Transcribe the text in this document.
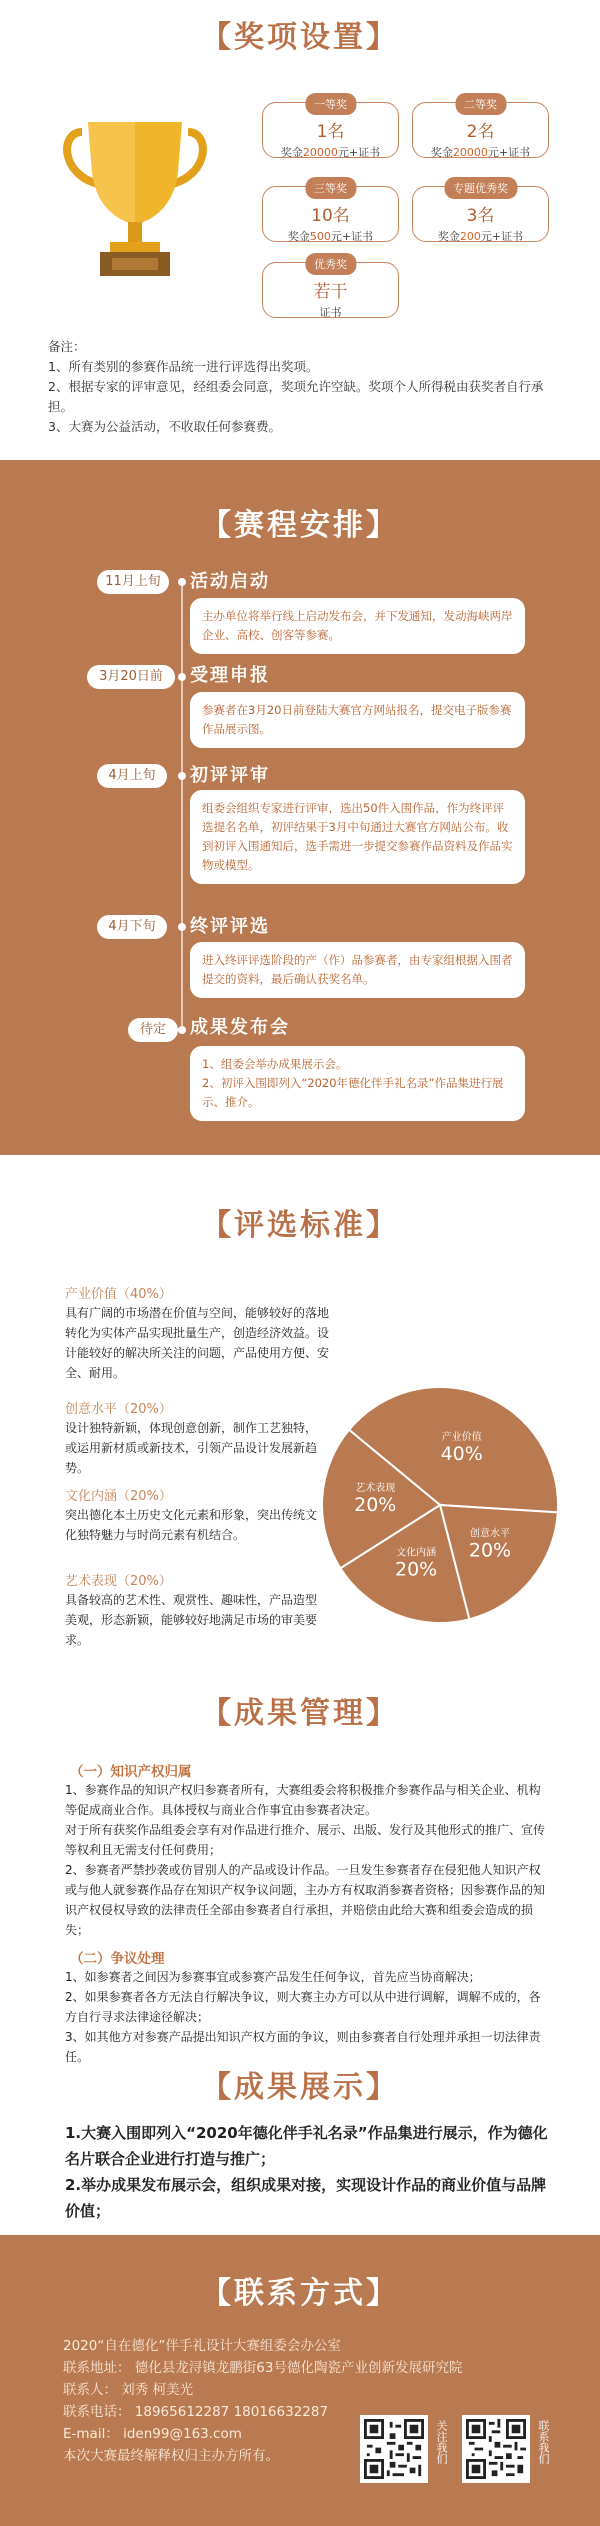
【奖项设置】
一等奖
1名
奖金20000元+证书
二等奖
2名
奖金20000元+证书
三等奖
10名
奖金500元+证书
专题优秀奖
3名
奖金200元+证书
优秀奖
若干
证书
备注：
1、所有类别的参赛作品统一进行评选得出奖项。
2、根据专家的评审意见，经组委会同意，奖项允许空缺。奖项个人所得税由获奖者自行承担。
3、大赛为公益活动，不收取任何参赛费。
【赛程安排】
11月上旬	活动启动
主办单位将举行线上启动发布会，并下发通知，发动海峡两岸企业、高校、创客等参赛。
3月20日前	受理申报
参赛者在3月20日前登陆大赛官方网站报名，提交电子版参赛作品展示图。
4月上旬	初评评审
组委会组织专家进行评审，选出50件入围作品，作为终评评选提名名单，初评结果于3月中旬通过大赛官方网站公布。收到初评入围通知后，选手需进一步提交参赛作品资料及作品实物或模型。
4月下旬	终评评选
进入终评评选阶段的产（作）品参赛者，由专家组根据入围者提交的资料，最后确认获奖名单。
待定	成果发布会
1、组委会举办成果展示会。
2、初评入围即列入“2020年德化伴手礼名录”作品集进行展示、推介。
【评选标准】
产业价值（40%）
具有广阔的市场潜在价值与空间，能够较好的落地转化为实体产品实现批量生产，创造经济效益。设计能较好的解决所关注的问题，产品使用方便、安全、耐用。
创意水平（20%）
设计独特新颖，体现创意创新，制作工艺独特，或运用新材质或新技术，引领产品设计发展新趋势。
文化内涵（20%）
突出德化本土历史文化元素和形象，突出传统文化独特魅力与时尚元素有机结合。
艺术表现（20%）
具备较高的艺术性、观赏性、趣味性，产品造型美观，形态新颖，能够较好地满足市场的审美要求。
产业价值
40%
创意水平
20%
文化内涵
20%
艺术表现
20%
【成果管理】
（一）知识产权归属
1、参赛作品的知识产权归参赛者所有，大赛组委会将积极推介参赛作品与相关企业、机构等促成商业合作。具体授权与商业合作事宜由参赛者决定。
对于所有获奖作品组委会享有对作品进行推介、展示、出版、发行及其他形式的推广、宣传等权利且无需支付任何费用；
2、参赛者严禁抄袭或仿冒别人的产品或设计作品。一旦发生参赛者存在侵犯他人知识产权或与他人就参赛作品存在知识产权争议问题，主办方有权取消参赛者资格；因参赛作品的知识产权侵权导致的法律责任全部由参赛者自行承担，并赔偿由此给大赛和组委会造成的损失；
（二）争议处理
1、如参赛者之间因为参赛事宜或参赛产品发生任何争议，首先应当协商解决；
2、如果参赛者各方无法自行解决争议，则大赛主办方可以从中进行调解，调解不成的，各方自行寻求法律途径解决；
3、如其他方对参赛产品提出知识产权方面的争议，则由参赛者自行处理并承担一切法律责任。
【成果展示】
1.大赛入围即列入“2020年德化伴手礼名录”作品集进行展示，作为德化名片联合企业进行打造与推广；
2.举办成果发布展示会，组织成果对接，实现设计作品的商业价值与品牌价值；
【联系方式】
2020“自在德化”伴手礼设计大赛组委会办公室
联系地址： 德化县龙浔镇龙鹏街63号德化陶瓷产业创新发展研究院
联系人： 刘秀 柯美光
联系电话： 18965612287 18016632287
E-mail： iden99@163.com
本次大赛最终解释权归主办方所有。	关注我们	联系我们
